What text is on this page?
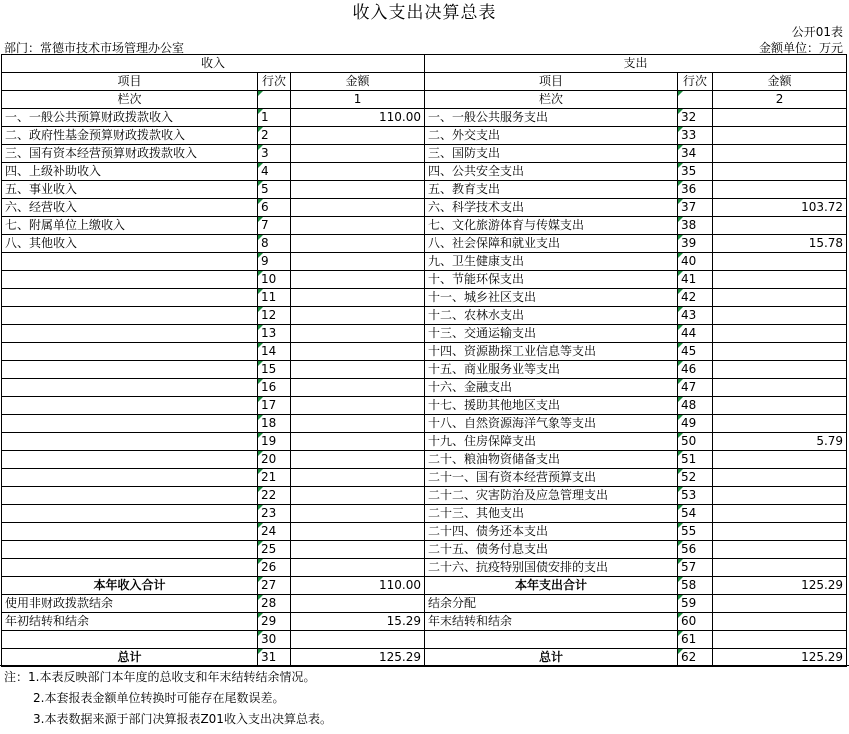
收入支出决算总表
公开01表
部门：常德市技术市场管理办公室	金额单位：万元
收入			支出		
项目	行次	金额	项目	行次	金额
栏次		1	栏次		2
一、一般公共预算财政拨款收入	1	110.00	一、一般公共服务支出	32	
二、政府性基金预算财政拨款收入	2		二、外交支出	33	
三、国有资本经营预算财政拨款收入	3		三、国防支出	34	
四、上级补助收入	4		四、公共安全支出	35	
五、事业收入	5		五、教育支出	36	
六、经营收入	6		六、科学技术支出	37	103.72
七、附属单位上缴收入	7		七、文化旅游体育与传媒支出	38	
八、其他收入	8		八、社会保障和就业支出	39	15.78
	9		九、卫生健康支出	40	
	10		十、节能环保支出	41	
	11		十一、城乡社区支出	42	
	12		十二、农林水支出	43	
	13		十三、交通运输支出	44	
	14		十四、资源勘探工业信息等支出	45	
	15		十五、商业服务业等支出	46	
	16		十六、金融支出	47	
	17		十七、援助其他地区支出	48	
	18		十八、自然资源海洋气象等支出	49	
	19		十九、住房保障支出	50	5.79
	20		二十、粮油物资储备支出	51	
	21		二十一、国有资本经营预算支出	52	
	22		二十二、灾害防治及应急管理支出	53	
	23		二十三、其他支出	54	
	24		二十四、债务还本支出	55	
	25		二十五、债务付息支出	56	
	26		二十六、抗疫特别国债安排的支出	57	
本年收入合计	27	110.00	本年支出合计	58	125.29
使用非财政拨款结余	28		结余分配	59	
年初结转和结余	29	15.29	年末结转和结余	60	
	30			61	
总计	31	125.29	总计	62	125.29
注：1.本表反映部门本年度的总收支和年末结转结余情况。
2.本套报表金额单位转换时可能存在尾数误差。
3.本表数据来源于部门决算报表Z01收入支出决算总表。
